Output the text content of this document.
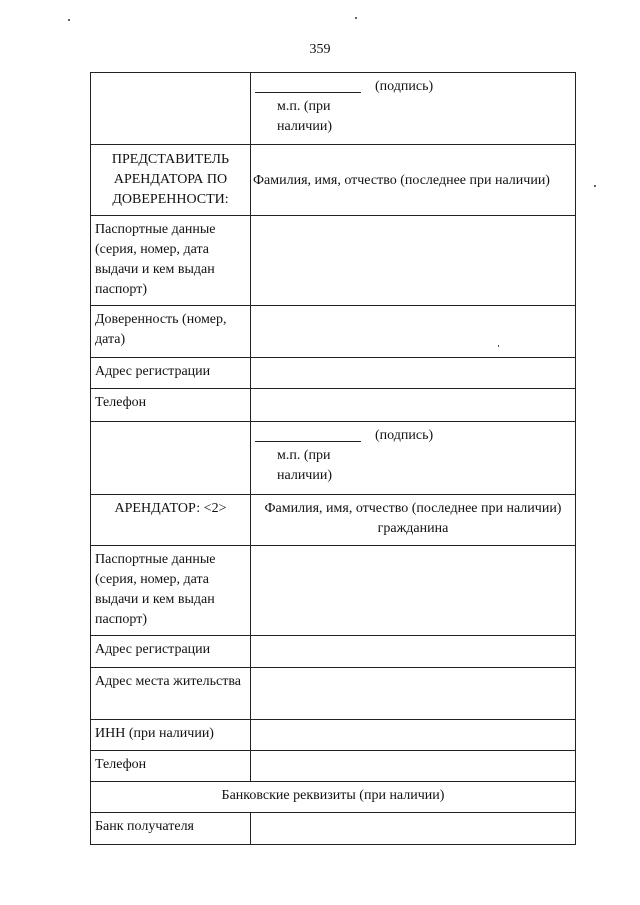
359

	(подпись)
м.п. (при
наличии)

ПРЕДСТАВИТЕЛЬ
АРЕНДАТОРА ПО
ДОВЕРЕННОСТИ:	Фамилия, имя, отчество (последнее при наличии)
Паспортные данные (серия, номер, дата выдачи и кем выдан паспорт)	
Доверенность (номер, дата)	
Адрес регистрации	
Телефон	

	(подпись)
м.п. (при
наличии)

АРЕНДАТОР: <2>	Фамилия, имя, отчество (последнее при наличии)
гражданина

Паспортные данные (серия, номер, дата выдачи и кем выдан паспорт)	
Адрес регистрации	
Адрес места жительства	
ИНН (при наличии)	
Телефон	
Банковские реквизиты (при наличии)	
Банк получателя	
